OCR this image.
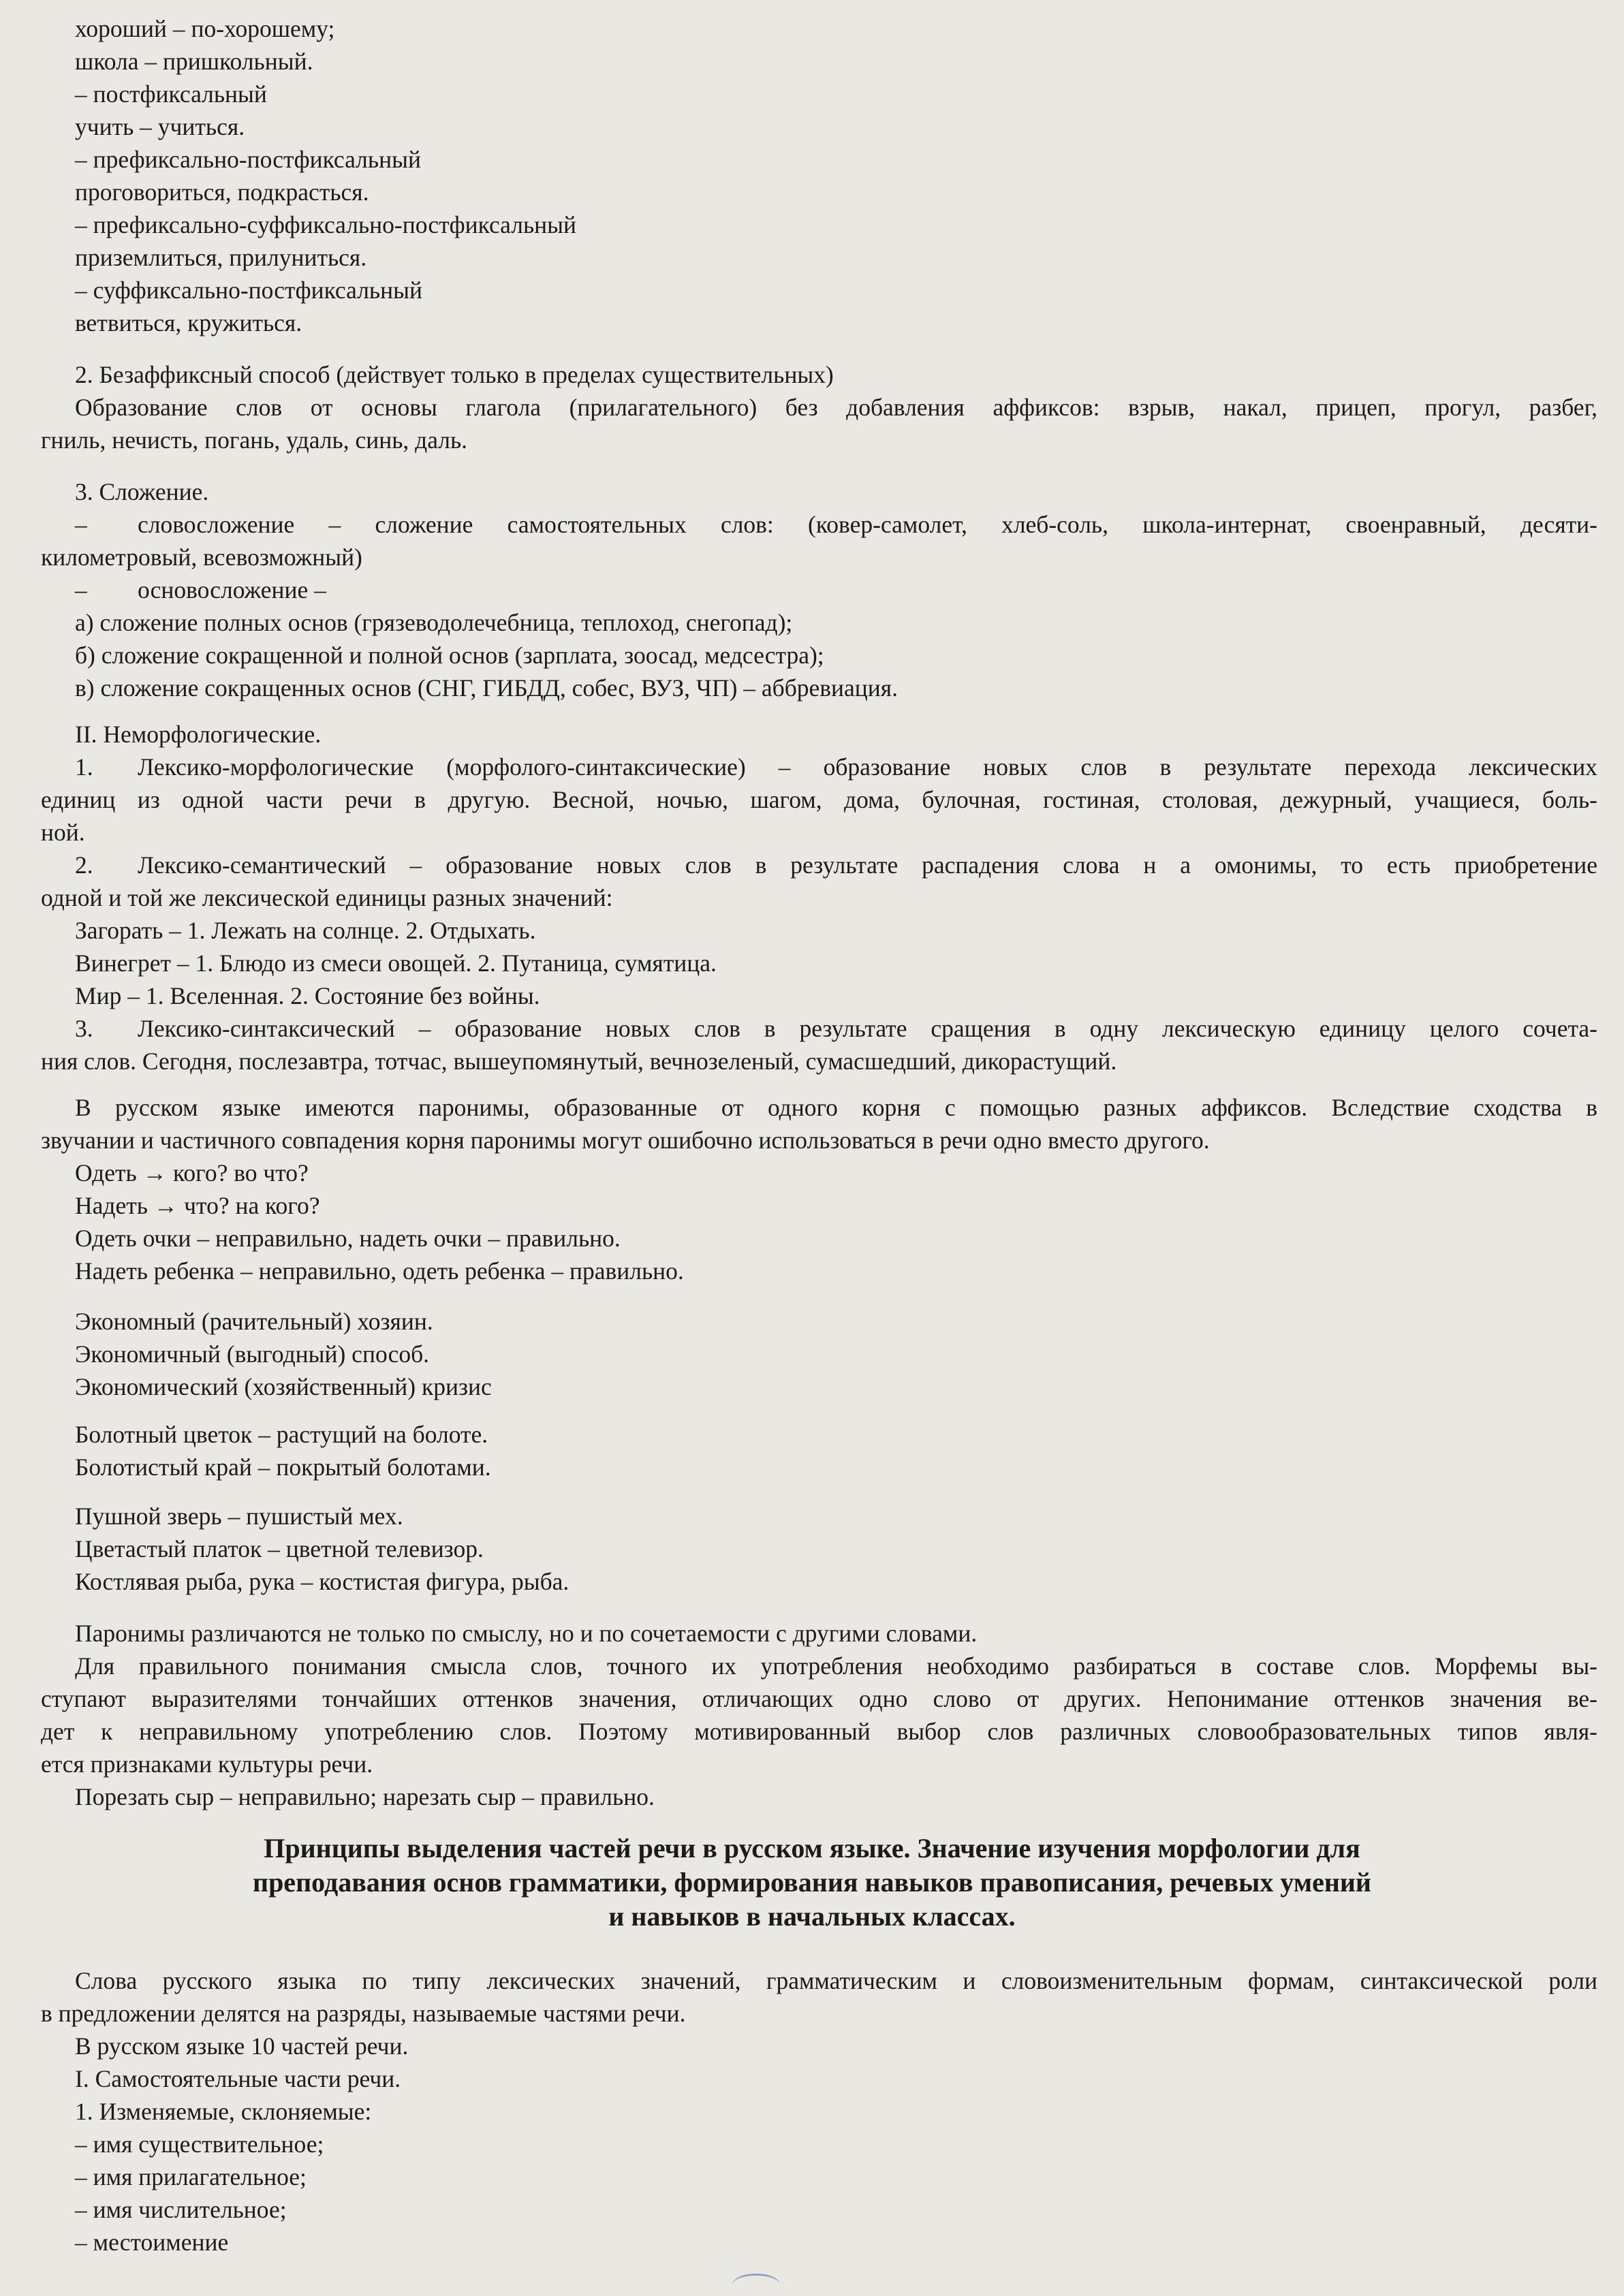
хороший – по-хорошему;
школа – пришкольный.
– постфиксальный
учить – учиться.
– префиксально-постфиксальный
проговориться, подкрасться.
– префиксально-суффиксально-постфиксальный
приземлиться, прилуниться.
– суффиксально-постфиксальный
ветвиться, кружиться.
2. Безаффиксный способ (действует только в пределах существительных)
Образование слов от основы глагола (прилагательного) без добавления аффиксов: взрыв, накал, прицеп, прогул, разбег,
гниль, нечисть, погань, удаль, синь, даль.
3. Сложение.
–	словосложение – сложение самостоятельных слов: (ковер-самолет, хлеб-соль, школа-интернат, своенравный, десяти-
километровый, всевозможный)
– основосложение –
а) сложение полных основ (грязеводолечебница, теплоход, снегопад);
б) сложение сокращенной и полной основ (зарплата, зоосад, медсестра);
в) сложение сокращенных основ (СНГ, ГИБДД, собес, ВУЗ, ЧП) – аббревиация.
II. Неморфологические.
1.	Лексико-морфологические (морфолого-синтаксические) – образование новых слов в результате перехода лексических
единиц из одной части речи в другую. Весной, ночью, шагом, дома, булочная, гостиная, столовая, дежурный, учащиеся, боль-
ной.
2.	Лексико-семантический – образование новых слов в результате распадения слова н а омонимы, то есть приобретение
одной и той же лексической единицы разных значений:
Загорать – 1. Лежать на солнце. 2. Отдыхать.
Винегрет – 1. Блюдо из смеси овощей. 2. Путаница, сумятица.
Мир – 1. Вселенная. 2. Состояние без войны.
3.	Лексико-синтаксический – образование новых слов в результате сращения в одну лексическую единицу целого сочета-
ния слов. Сегодня, послезавтра, тотчас, вышеупомянутый, вечнозеленый, сумасшедший, дикорастущий.
В русском языке имеются паронимы, образованные от одного корня с помощью разных аффиксов. Вследствие сходства в
звучании и частичного совпадения корня паронимы могут ошибочно использоваться в речи одно вместо другого.
Одеть → кого? во что?
Надеть → что? на кого?
Одеть очки – неправильно, надеть очки – правильно.
Надеть ребенка – неправильно, одеть ребенка – правильно.
Экономный (рачительный) хозяин.
Экономичный (выгодный) способ.
Экономический (хозяйственный) кризис
Болотный цветок – растущий на болоте.
Болотистый край – покрытый болотами.
Пушной зверь – пушистый мех.
Цветастый платок – цветной телевизор.
Костлявая рыба, рука – костистая фигура, рыба.
Паронимы различаются не только по смыслу, но и по сочетаемости с другими словами.
Для правильного понимания смысла слов, точного их употребления необходимо разбираться в составе слов. Морфемы вы-
ступают выразителями тончайших оттенков значения, отличающих одно слово от других. Непонимание оттенков значения ве-
дет к неправильному употреблению слов. Поэтому мотивированный выбор слов различных словообразовательных типов явля-
ется признаками культуры речи.
Порезать сыр – неправильно; нарезать сыр – правильно.
Принципы выделения частей речи в русском языке. Значение изучения морфологии для
преподавания основ грамматики, формирования навыков правописания, речевых умений
и навыков в начальных классах.
Слова русского языка по типу лексических значений, грамматическим и словоизменительным формам, синтаксической роли
в предложении делятся на разряды, называемые частями речи.
В русском языке 10 частей речи.
I. Самостоятельные части речи.
1. Изменяемые, склоняемые:
– имя существительное;
– имя прилагательное;
– имя числительное;
– местоимение
